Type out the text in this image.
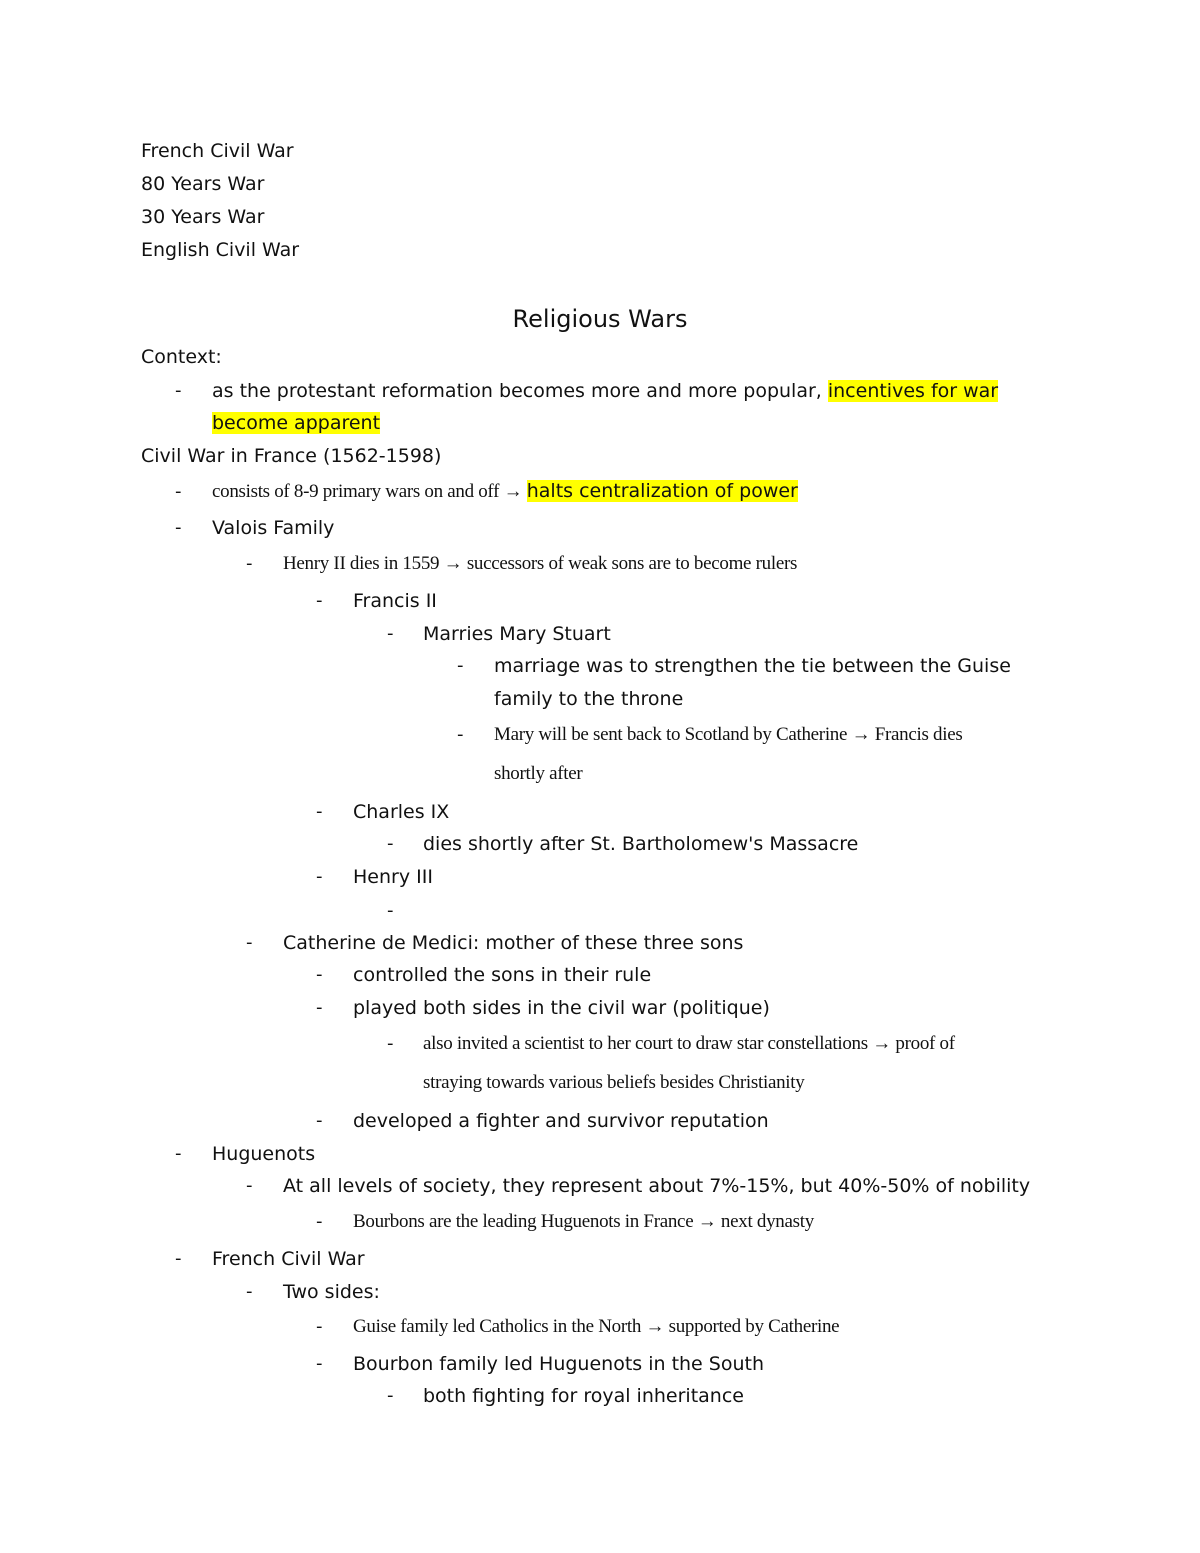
French Civil War
80 Years War
30 Years War
English Civil War
Religious Wars
Context:
- as the protestant reformation becomes more and more popular, incentives for war
become apparent
Civil War in France (1562-1598)
- consists of 8-9 primary wars on and off → halts centralization of power
- Valois Family
- Henry II dies in 1559 → successors of weak sons are to become rulers
- Francis II
- Marries Mary Stuart
- marriage was to strengthen the tie between the Guise
family to the throne
- Mary will be sent back to Scotland by Catherine → Francis dies
shortly after
- Charles IX
- dies shortly after St. Bartholomew's Massacre
- Henry III
-
- Catherine de Medici: mother of these three sons
- controlled the sons in their rule
- played both sides in the civil war (politique)
- also invited a scientist to her court to draw star constellations → proof of
straying towards various beliefs besides Christianity
- developed a fighter and survivor reputation
- Huguenots
- At all levels of society, they represent about 7%-15%, but 40%-50% of nobility
- Bourbons are the leading Huguenots in France → next dynasty
- French Civil War
- Two sides:
- Guise family led Catholics in the North → supported by Catherine
- Bourbon family led Huguenots in the South
- both fighting for royal inheritance
